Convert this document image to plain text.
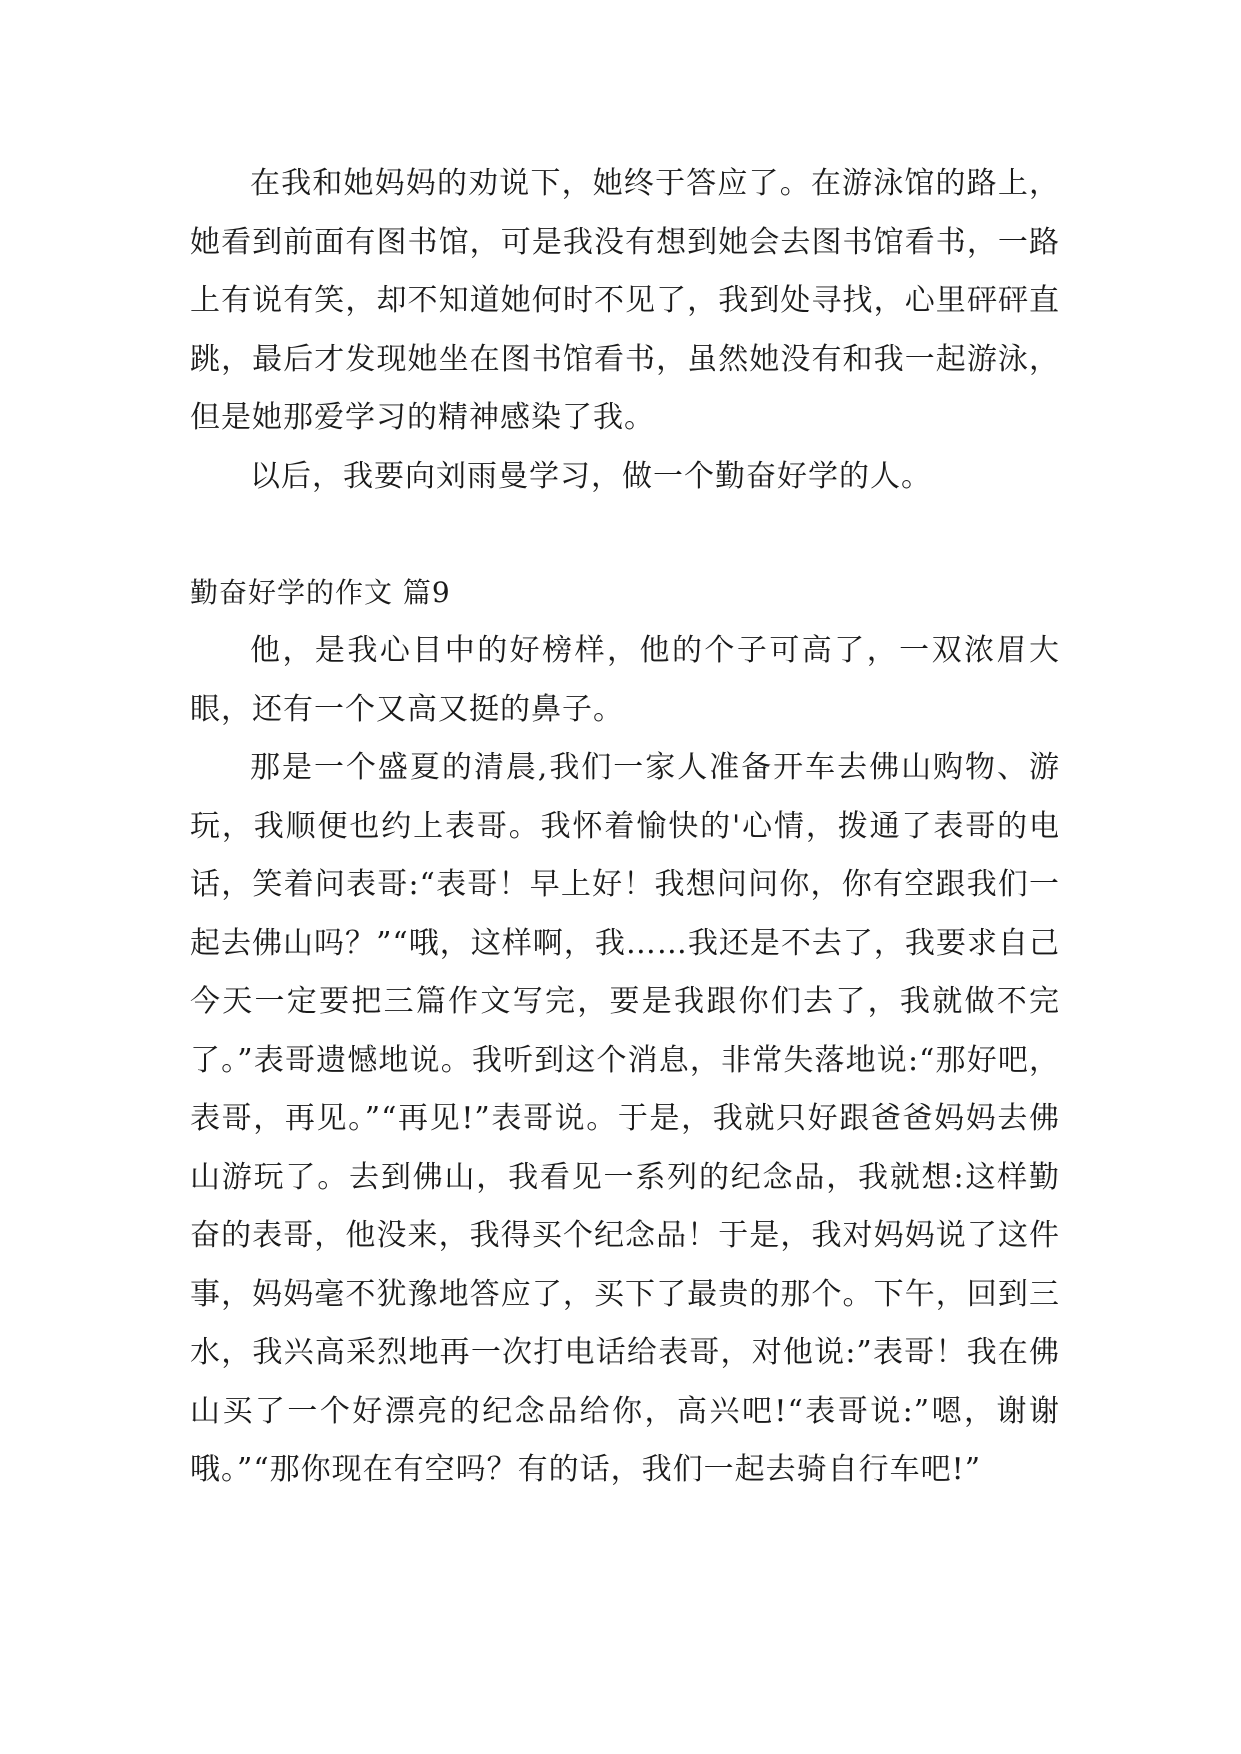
在我和她妈妈的劝说下，她终于答应了。在游泳馆的路上，她看到前面有图书馆，可是我没有想到她会去图书馆看书，一路上有说有笑，却不知道她何时不见了，我到处寻找，心里砰砰直跳，最后才发现她坐在图书馆看书，虽然她没有和我一起游泳，但是她那爱学习的精神感染了我。

以后，我要向刘雨曼学习，做一个勤奋好学的人。

勤奋好学的作文 篇9

他，是我心目中的好榜样，他的个子可高了，一双浓眉大眼，还有一个又高又挺的鼻子。

那是一个盛夏的清晨,我们一家人准备开车去佛山购物、游玩，我顺便也约上表哥。我怀着愉快的'心情，拨通了表哥的电话，笑着问表哥:“表哥！早上好！我想问问你，你有空跟我们一起去佛山吗？”“哦，这样啊，我……我还是不去了，我要求自己今天一定要把三篇作文写完，要是我跟你们去了，我就做不完了。”表哥遗憾地说。我听到这个消息，非常失落地说:“那好吧，表哥，再见。”“再见!”表哥说。于是，我就只好跟爸爸妈妈去佛山游玩了。去到佛山，我看见一系列的纪念品，我就想:这样勤奋的表哥，他没来，我得买个纪念品！于是，我对妈妈说了这件事，妈妈毫不犹豫地答应了，买下了最贵的那个。下午，回到三水，我兴高采烈地再一次打电话给表哥，对他说:”表哥！我在佛山买了一个好漂亮的纪念品给你，高兴吧!“表哥说:”嗯，谢谢哦。”“那你现在有空吗？有的话，我们一起去骑自行车吧!”
